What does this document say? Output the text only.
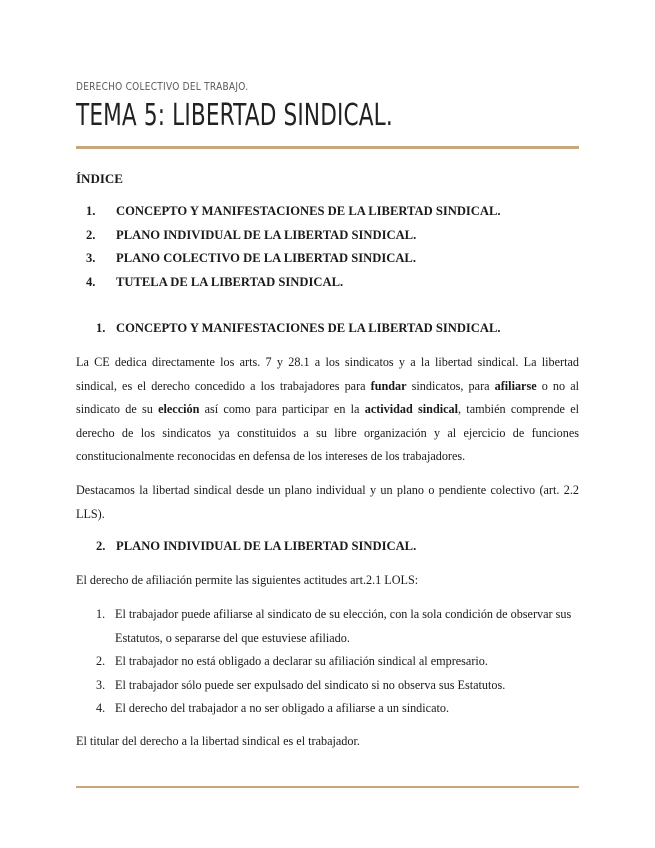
DERECHO COLECTIVO DEL TRABAJO.
TEMA 5: LIBERTAD SINDICAL.
ÍNDICE
1. CONCEPTO Y MANIFESTACIONES DE LA LIBERTAD SINDICAL.
2. PLANO INDIVIDUAL DE LA LIBERTAD SINDICAL.
3. PLANO COLECTIVO DE LA LIBERTAD SINDICAL.
4. TUTELA DE LA LIBERTAD SINDICAL.
1. CONCEPTO Y MANIFESTACIONES DE LA LIBERTAD SINDICAL.

La CE dedica directamente los arts. 7 y 28.1 a los sindicatos y a la libertad sindical. La libertad sindical, es el derecho concedido a los trabajadores para fundar sindicatos, para afiliarse o no al sindicato de su elección así como para participar en la actividad sindical, también comprende el derecho de los sindicatos ya constituidos a su libre organización y al ejercicio de funciones constitucionalmente reconocidas en defensa de los intereses de los trabajadores.

Destacamos la libertad sindical desde un plano individual y un plano o pendiente colectivo (art. 2.2 LLS).

2. PLANO INDIVIDUAL DE LA LIBERTAD SINDICAL.

El derecho de afiliación permite las siguientes actitudes art.2.1 LOLS:

1. El trabajador puede afiliarse al sindicato de su elección, con la sola condición de observar sus Estatutos, o separarse del que estuviese afiliado.
2. El trabajador no está obligado a declarar su afiliación sindical al empresario.
3. El trabajador sólo puede ser expulsado del sindicato si no observa sus Estatutos.
4. El derecho del trabajador a no ser obligado a afiliarse a un sindicato.

El titular del derecho a la libertad sindical es el trabajador.
